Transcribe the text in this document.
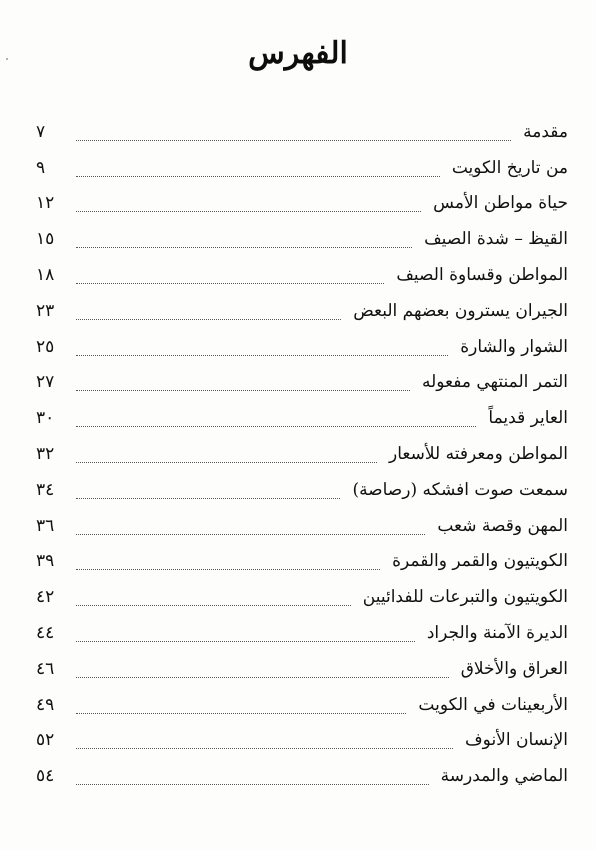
الفهرس
مقدمة
٧
من تاريخ الكويت
٩
حياة مواطن الأمس
١٢
القيظ – شدة الصيف
١٥
المواطن وقساوة الصيف
١٨
الجيران يسترون بعضهم البعض
٢٣
الشوار والشارة
٢٥
التمر المنتهي مفعوله
٢٧
العاير قديماً
٣٠
المواطن ومعرفته للأسعار
٣٢
سمعت صوت افشكه (رصاصة)
٣٤
المهن وقصة شعب
٣٦
الكويتيون والقمر والقمرة
٣٩
الكويتيون والتبرعات للفدائيين
٤٢
الديرة الآمنة والجراد
٤٤
العراق والأخلاق
٤٦
الأربعينات في الكويت
٤٩
الإنسان الأنوف
٥٢
الماضي والمدرسة
٥٤
